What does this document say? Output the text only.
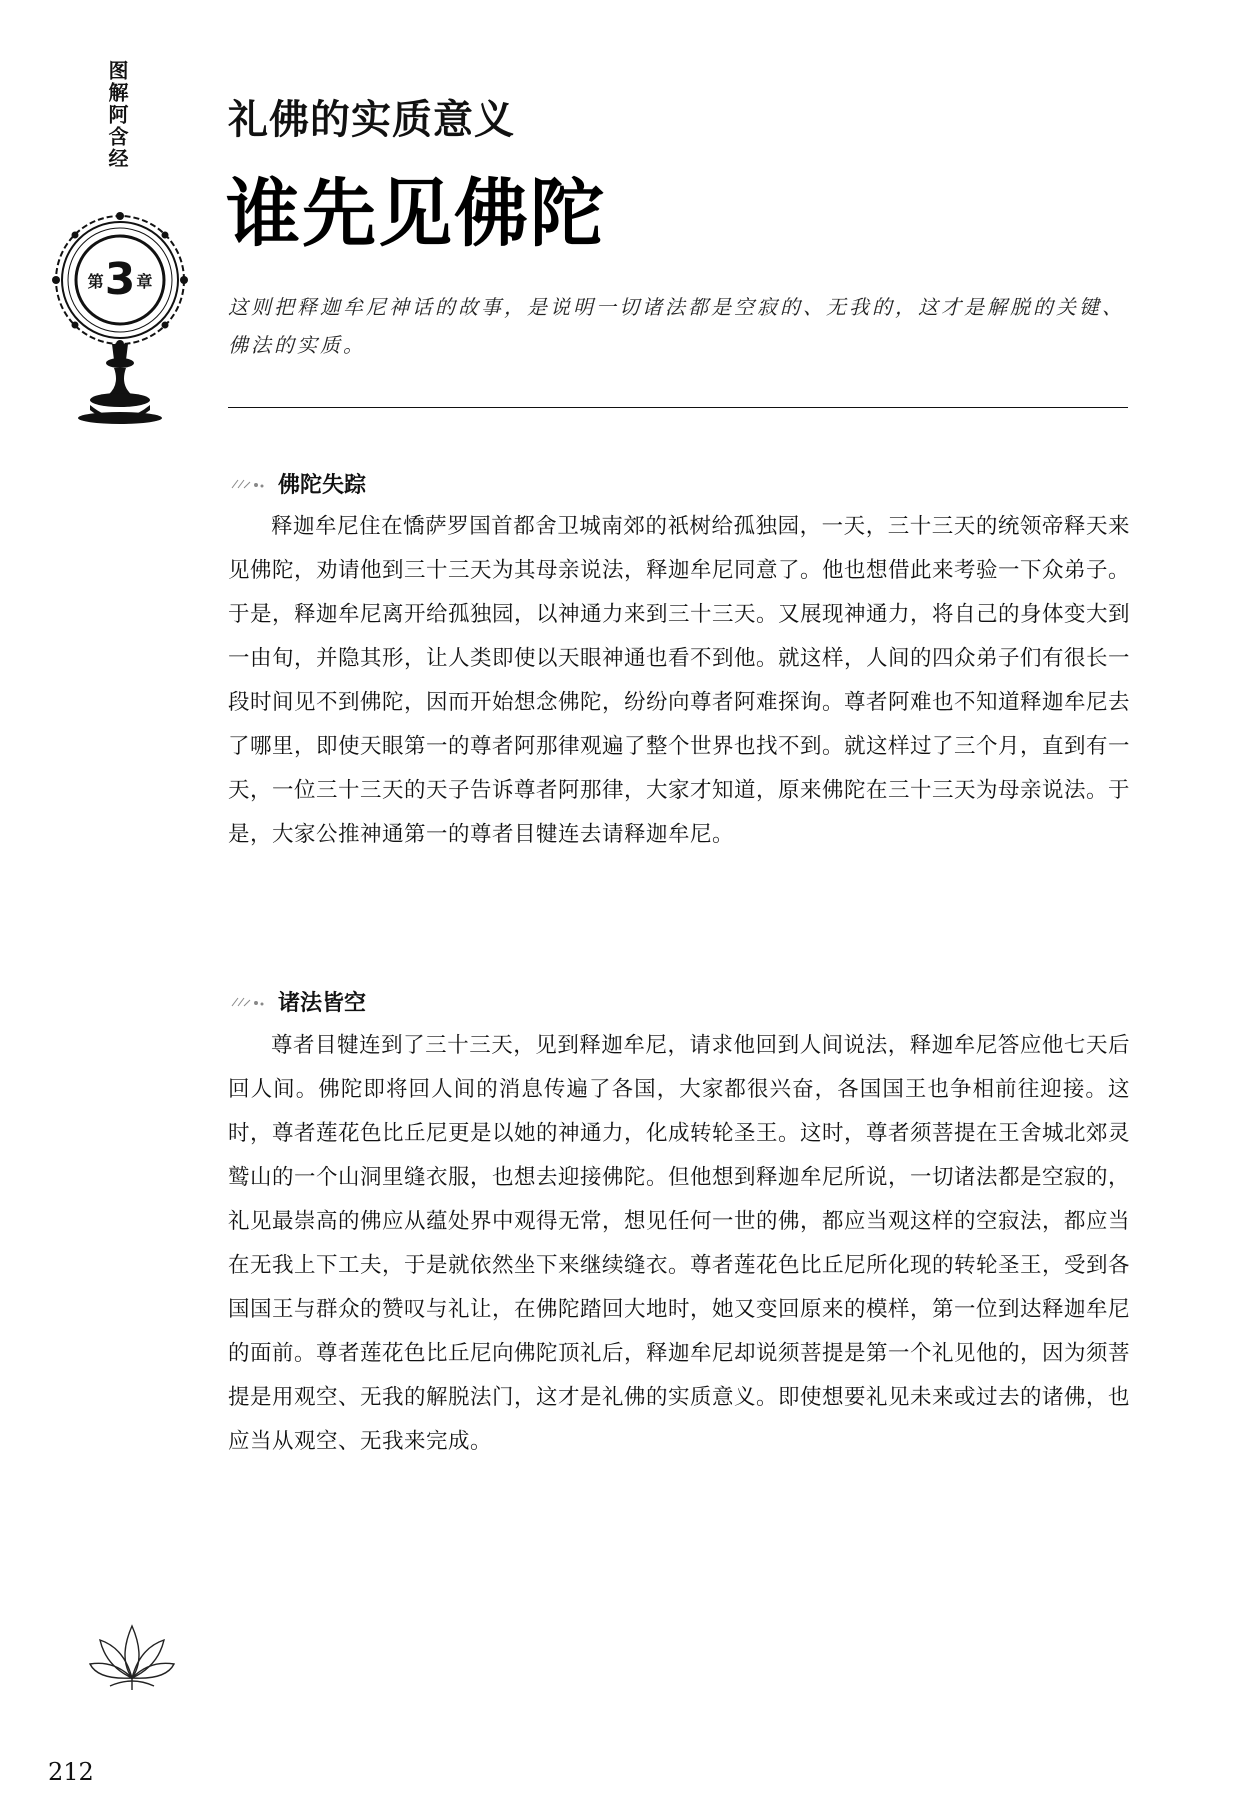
图解阿含经
第 3 章
礼佛的实质意义
谁先见佛陀
这则把释迦牟尼神话的故事，是说明一切诸法都是空寂的、无我的，这才是解脱的关键、佛法的实质。
佛陀失踪

释迦牟尼住在憍萨罗国首都舍卫城南郊的祇树给孤独园，一天，三十三天的统领帝释天来见佛陀，劝请他到三十三天为其母亲说法，释迦牟尼同意了。他也想借此来考验一下众弟子。于是，释迦牟尼离开给孤独园，以神通力来到三十三天。又展现神通力，将自己的身体变大到一由旬，并隐其形，让人类即使以天眼神通也看不到他。就这样，人间的四众弟子们有很长一段时间见不到佛陀，因而开始想念佛陀，纷纷向尊者阿难探询。尊者阿难也不知道释迦牟尼去了哪里，即使天眼第一的尊者阿那律观遍了整个世界也找不到。就这样过了三个月，直到有一天，一位三十三天的天子告诉尊者阿那律，大家才知道，原来佛陀在三十三天为母亲说法。于是，大家公推神通第一的尊者目犍连去请释迦牟尼。

诸法皆空

尊者目犍连到了三十三天，见到释迦牟尼，请求他回到人间说法，释迦牟尼答应他七天后回人间。佛陀即将回人间的消息传遍了各国，大家都很兴奋，各国国王也争相前往迎接。这时，尊者莲花色比丘尼更是以她的神通力，化成转轮圣王。这时，尊者须菩提在王舍城北郊灵鹫山的一个山洞里缝衣服，也想去迎接佛陀。但他想到释迦牟尼所说，一切诸法都是空寂的，礼见最崇高的佛应从蕴处界中观得无常，想见任何一世的佛，都应当观这样的空寂法，都应当在无我上下工夫，于是就依然坐下来继续缝衣。尊者莲花色比丘尼所化现的转轮圣王，受到各国国王与群众的赞叹与礼让，在佛陀踏回大地时，她又变回原来的模样，第一位到达释迦牟尼的面前。尊者莲花色比丘尼向佛陀顶礼后，释迦牟尼却说须菩提是第一个礼见他的，因为须菩提是用观空、无我的解脱法门，这才是礼佛的实质意义。即使想要礼见未来或过去的诸佛，也应当从观空、无我来完成。

212
